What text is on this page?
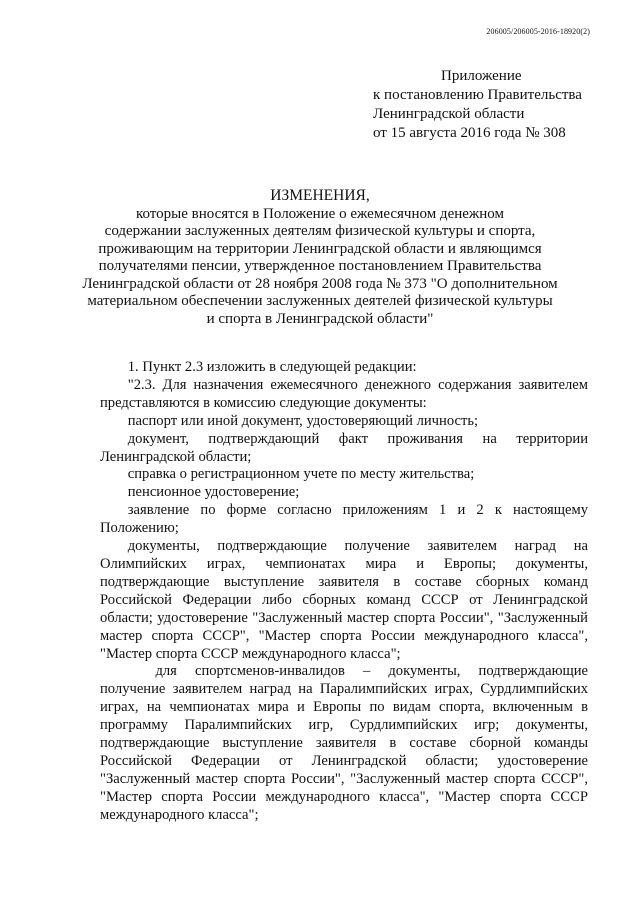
206005/206005-2016-18920(2)
Приложение
к постановлению Правительства
Ленинградской области
от 15 августа 2016 года № 308
ИЗМЕНЕНИЯ,
которые вносятся в Положение о ежемесячном денежном
содержании заслуженных деятелям физической культуры и спорта,
проживающим на территории Ленинградской области и являющимся
получателями пенсии, утвержденное постановлением Правительства
Ленинградской области от 28 ноября 2008 года № 373 "О дополнительном
материальном обеспечении заслуженных деятелей физической культуры
и спорта в Ленинградской области"

1. Пункт 2.3 изложить в следующей редакции:

"2.3. Для назначения ежемесячного денежного содержания заявителем представляются в комиссию следующие документы:

паспорт или иной документ, удостоверяющий личность;

документ, подтверждающий факт проживания на территории Ленинградской области;

справка о регистрационном учете по месту жительства;

пенсионное удостоверение;

заявление по форме согласно приложениям 1 и 2 к настоящему Положению;

документы, подтверждающие получение заявителем наград на Олимпийских играх, чемпионатах мира и Европы; документы, подтверждающие выступление заявителя в составе сборных команд Российской Федерации либо сборных команд СССР от Ленинградской области; удостоверение "Заслуженный мастер спорта России", "Заслуженный мастер спорта СССР", "Мастер спорта России международного класса", "Мастер спорта СССР международного класса";

для спортсменов-инвалидов – документы, подтверждающие получение заявителем наград на Паралимпийских играх, Сурдлимпийских играх, на чемпионатах мира и Европы по видам спорта, включенным в программу Паралимпийских игр, Сурдлимпийских игр; документы, подтверждающие выступление заявителя в составе сборной команды Российской Федерации от Ленинградской области; удостоверение "Заслуженный мастер спорта России", "Заслуженный мастер спорта СССР", "Мастер спорта России международного класса", "Мастер спорта СССР международного класса";
